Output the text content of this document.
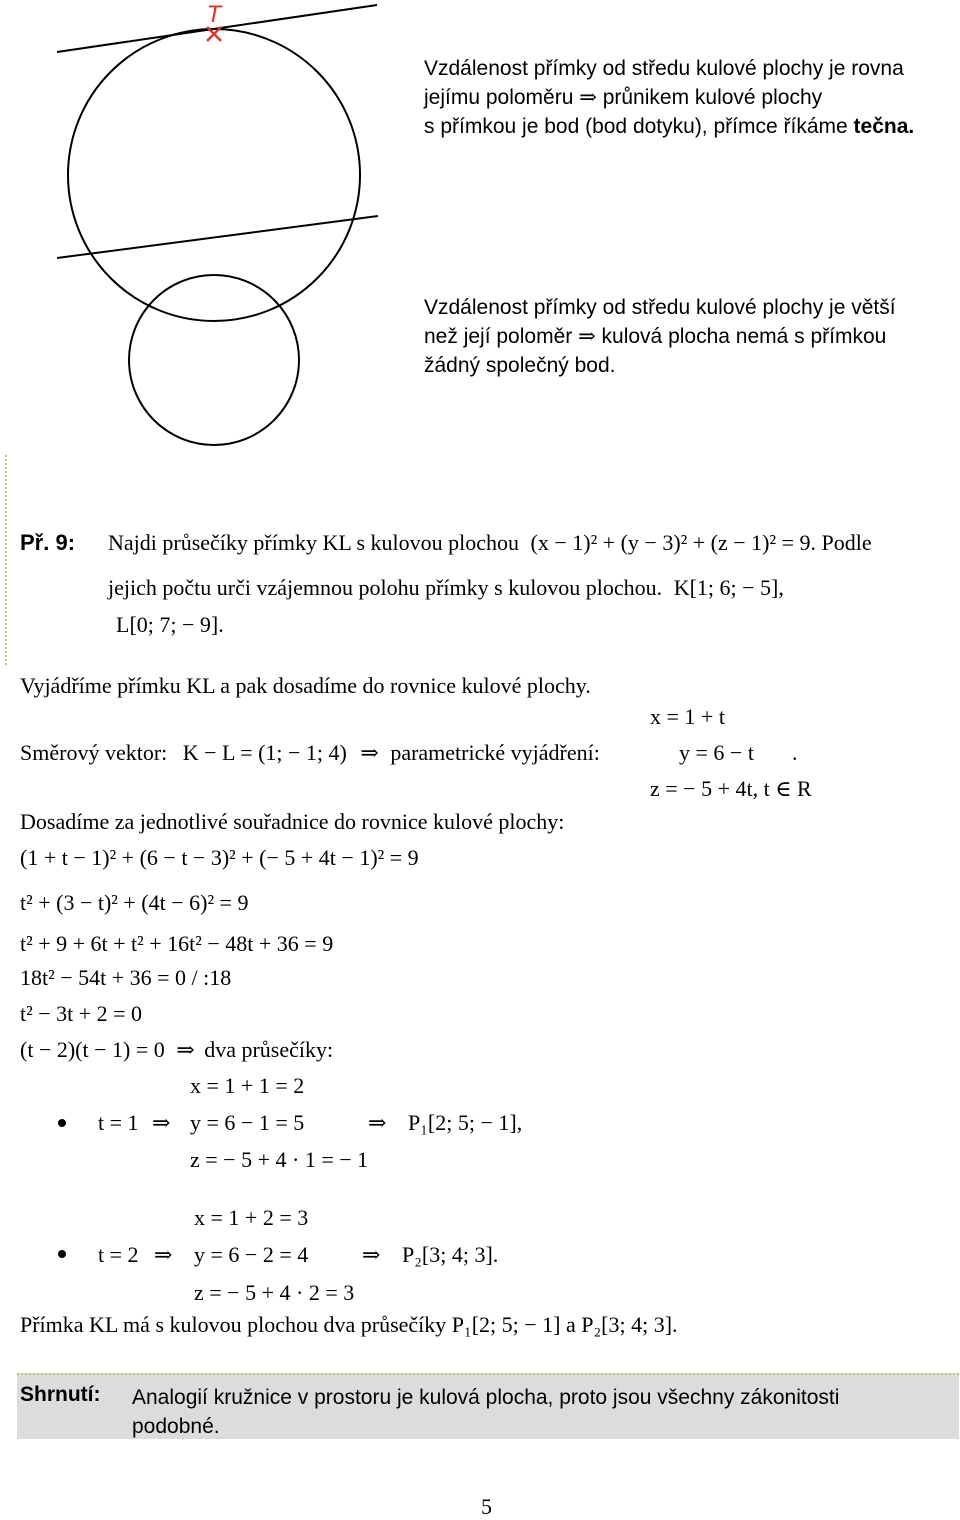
T
Vzdálenost přímky od středu kulové plochy je rovna
jejímu poloměru ⇒ průnikem kulové plochy
s přímkou je bod (bod dotyku), přímce říkáme tečna.
Vzdálenost přímky od středu kulové plochy je větší
než její poloměr ⇒ kulová plocha nemá s přímkou
žádný společný bod.
Př. 9: Najdi průsečíky přímky KL s kulovou plochou (x − 1)² + (y − 3)² + (z − 1)² = 9. Podle
jejich počtu urči vzájemnou polohu přímky s kulovou plochou. K[1; 6; − 5],
L[0; 7; − 9].
Vyjádříme přímku KL a pak dosadíme do rovnice kulové plochy.
x = 1 + t
Směrový vektor: K − L = (1; − 1; 4) ⇒ parametrické vyjádření:	y = 6 − t .
z = − 5 + 4t, t ∈ R
Dosadíme za jednotlivé souřadnice do rovnice kulové plochy:
(1 + t − 1)² + (6 − t − 3)² + (− 5 + 4t − 1)² = 9
t² + (3 − t)² + (4t − 6)² = 9
t² + 9 + 6t + t² + 16t² − 48t + 36 = 9
18t² − 54t + 36 = 0 / :18
t² − 3t + 2 = 0
(t − 2)(t − 1) = 0 ⇒ dva průsečíky:
x = 1 + 1 = 2
t = 1 ⇒ y = 6 − 1 = 5	⇒ P₁[2; 5; − 1],
z = − 5 + 4 · 1 = − 1
x = 1 + 2 = 3
t = 2 ⇒ y = 6 − 2 = 4 ⇒ P₂[3; 4; 3].
z = − 5 + 4 · 2 = 3
Přímka KL má s kulovou plochou dva průsečíky P₁[2; 5; − 1] a P₂[3; 4; 3].
Shrnutí: Analogií kružnice v prostoru je kulová plocha, proto jsou všechny zákonitosti
podobné.
5
